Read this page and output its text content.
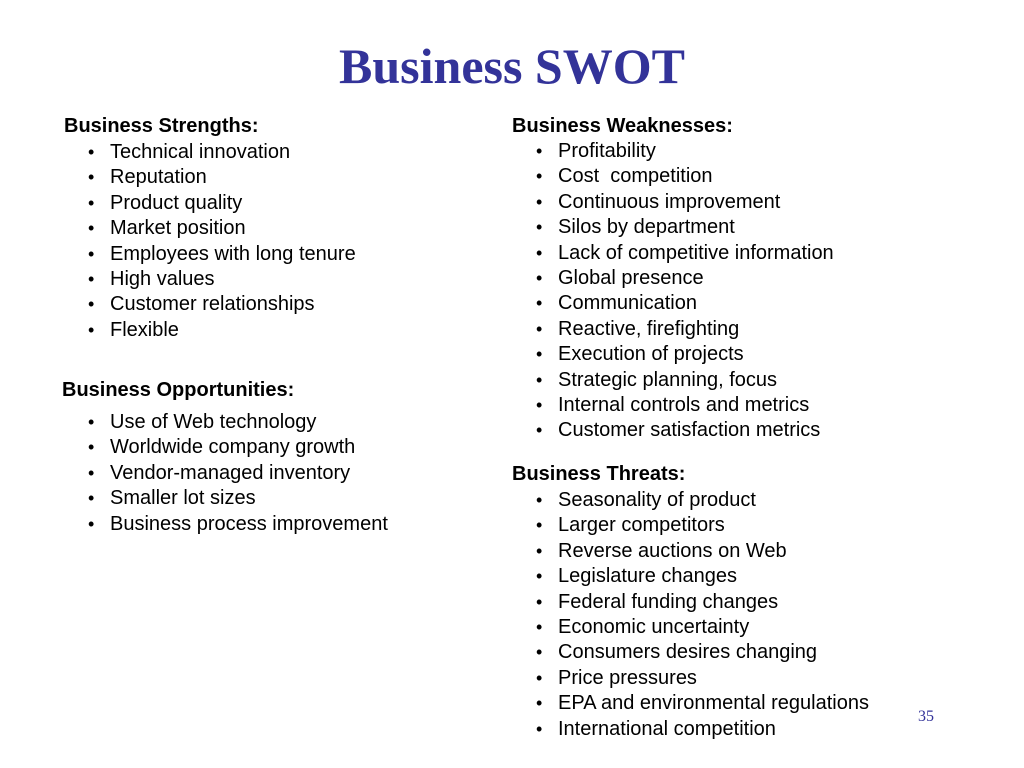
Business SWOT
Business Strengths:
• Technical innovation
• Reputation
• Product quality
• Market position
• Employees with long tenure
• High values
• Customer relationships
• Flexible
Business Opportunities:
• Use of Web technology
• Worldwide company growth
• Vendor-managed inventory
• Smaller lot sizes
• Business process improvement
Business Weaknesses:
• Profitability
• Cost  competition
• Continuous improvement
• Silos by department
• Lack of competitive information
• Global presence
• Communication
• Reactive, firefighting
• Execution of projects
• Strategic planning, focus
• Internal controls and metrics
• Customer satisfaction metrics
Business Threats:
• Seasonality of product
• Larger competitors
• Reverse auctions on Web
• Legislature changes
• Federal funding changes
• Economic uncertainty
• Consumers desires changing
• Price pressures
• EPA and environmental regulations
• International competition
35
